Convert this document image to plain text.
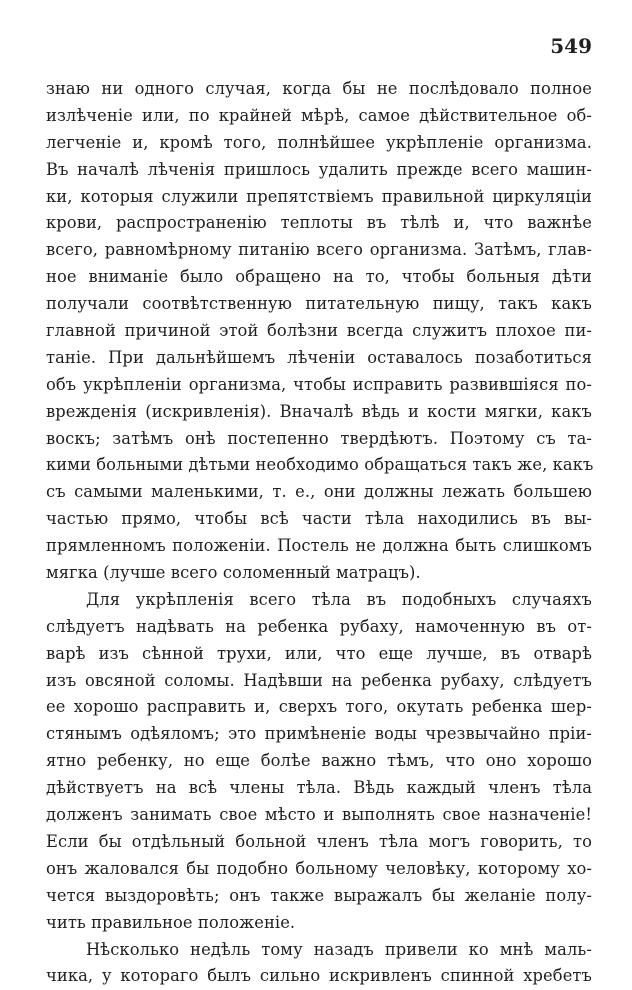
549
знаю ни одного случая, когда бы не послѣдовало полное
излѣченіе или, по крайней мѣрѣ, самое дѣйствительное об-
легченіе и, кромѣ того, полнѣйшее укрѣпленіе организма.
Въ началѣ лѣченія пришлось удалить прежде всего машин-
ки, которыя служили препятствіемъ правильной циркуляціи
крови, распространенію теплоты въ тѣлѣ и, что важнѣе
всего, равномѣрному питанію всего организма. Затѣмъ, глав-
ное вниманіе было обращено на то, чтобы больныя дѣти
получали соотвѣтственную питательную пищу, такъ какъ
главной причиной этой болѣзни всегда служитъ плохое пи-
таніе. При дальнѣйшемъ лѣченіи оставалось позаботиться
объ укрѣпленіи организма, чтобы исправить развившіяся по-
врежденія (искривленія). Вначалѣ вѣдь и кости мягки, какъ
воскъ; затѣмъ онѣ постепенно твердѣютъ. Поэтому съ та-
кими больными дѣтьми необходимо обращаться такъ же, какъ
съ самыми маленькими, т. е., они должны лежать большею
частью прямо, чтобы всѣ части тѣла находились въ вы-
прямленномъ положеніи. Постель не должна быть слишкомъ
мягка (лучше всего соломенный матрацъ).
Для укрѣпленія всего тѣла въ подобныхъ случаяхъ
слѣдуетъ надѣвать на ребенка рубаху, намоченную въ от-
варѣ изъ сѣнной трухи, или, что еще лучше, въ отварѣ
изъ овсяной соломы. Надѣвши на ребенка рубаху, слѣдуетъ
ее хорошо расправить и, сверхъ того, окутать ребенка шер-
стянымъ одѣяломъ; это примѣненіе воды чрезвычайно пріи-
ятно ребенку, но еще болѣе важно тѣмъ, что оно хорошо
дѣйствуетъ на всѣ члены тѣла. Вѣдь каждый членъ тѣла
долженъ занимать свое мѣсто и выполнять свое назначеніе!
Если бы отдѣльный больной членъ тѣла могъ говорить, то
онъ жаловался бы подобно больному человѣку, которому хо-
чется выздоровѣть; онъ также выражалъ бы желаніе полу-
чить правильное положеніе.
Нѣсколько недѣль тому назадъ привели ко мнѣ маль-
чика, у котораго былъ сильно искривленъ спинной хребетъ
